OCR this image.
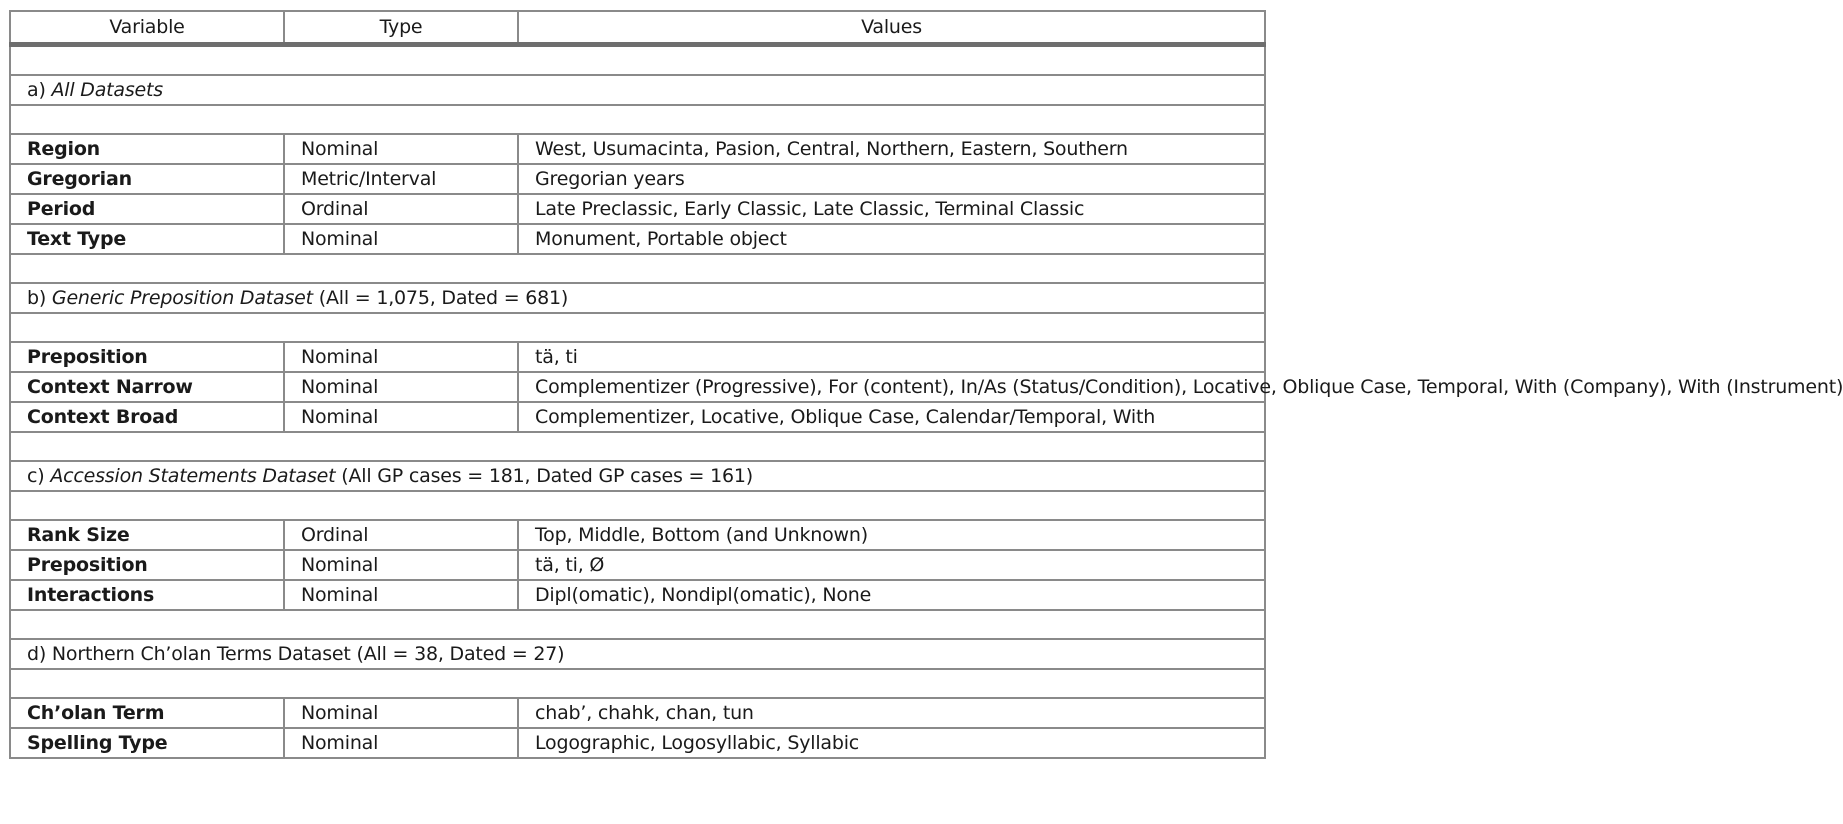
Variable	Type	Values

a) All Datasets		

Region	Nominal	West, Usumacinta, Pasion, Central, Northern, Eastern, Southern
Gregorian	Metric/Interval	Gregorian years
Period	Ordinal	Late Preclassic, Early Classic, Late Classic, Terminal Classic
Text Type	Nominal	Monument, Portable object

b) Generic Preposition Dataset (All = 1,075, Dated = 681)		

Preposition	Nominal	tä, ti
Context Narrow	Nominal	Complementizer (Progressive), For (content), In/As (Status/Condition), Locative, Oblique Case, Temporal, With (Company), With (Instrument)
Context Broad	Nominal	Complementizer, Locative, Oblique Case, Calendar/Temporal, With

c) Accession Statements Dataset (All GP cases = 181, Dated GP cases = 161)		

Rank Size	Ordinal	Top, Middle, Bottom (and Unknown)
Preposition	Nominal	tä, ti, Ø
Interactions	Nominal	Dipl(omatic), Nondipl(omatic), None

d) Northern Ch’olan Terms Dataset (All = 38, Dated = 27)		

Ch’olan Term	Nominal	chab’, chahk, chan, tun
Spelling Type	Nominal	Logographic, Logosyllabic, Syllabic
